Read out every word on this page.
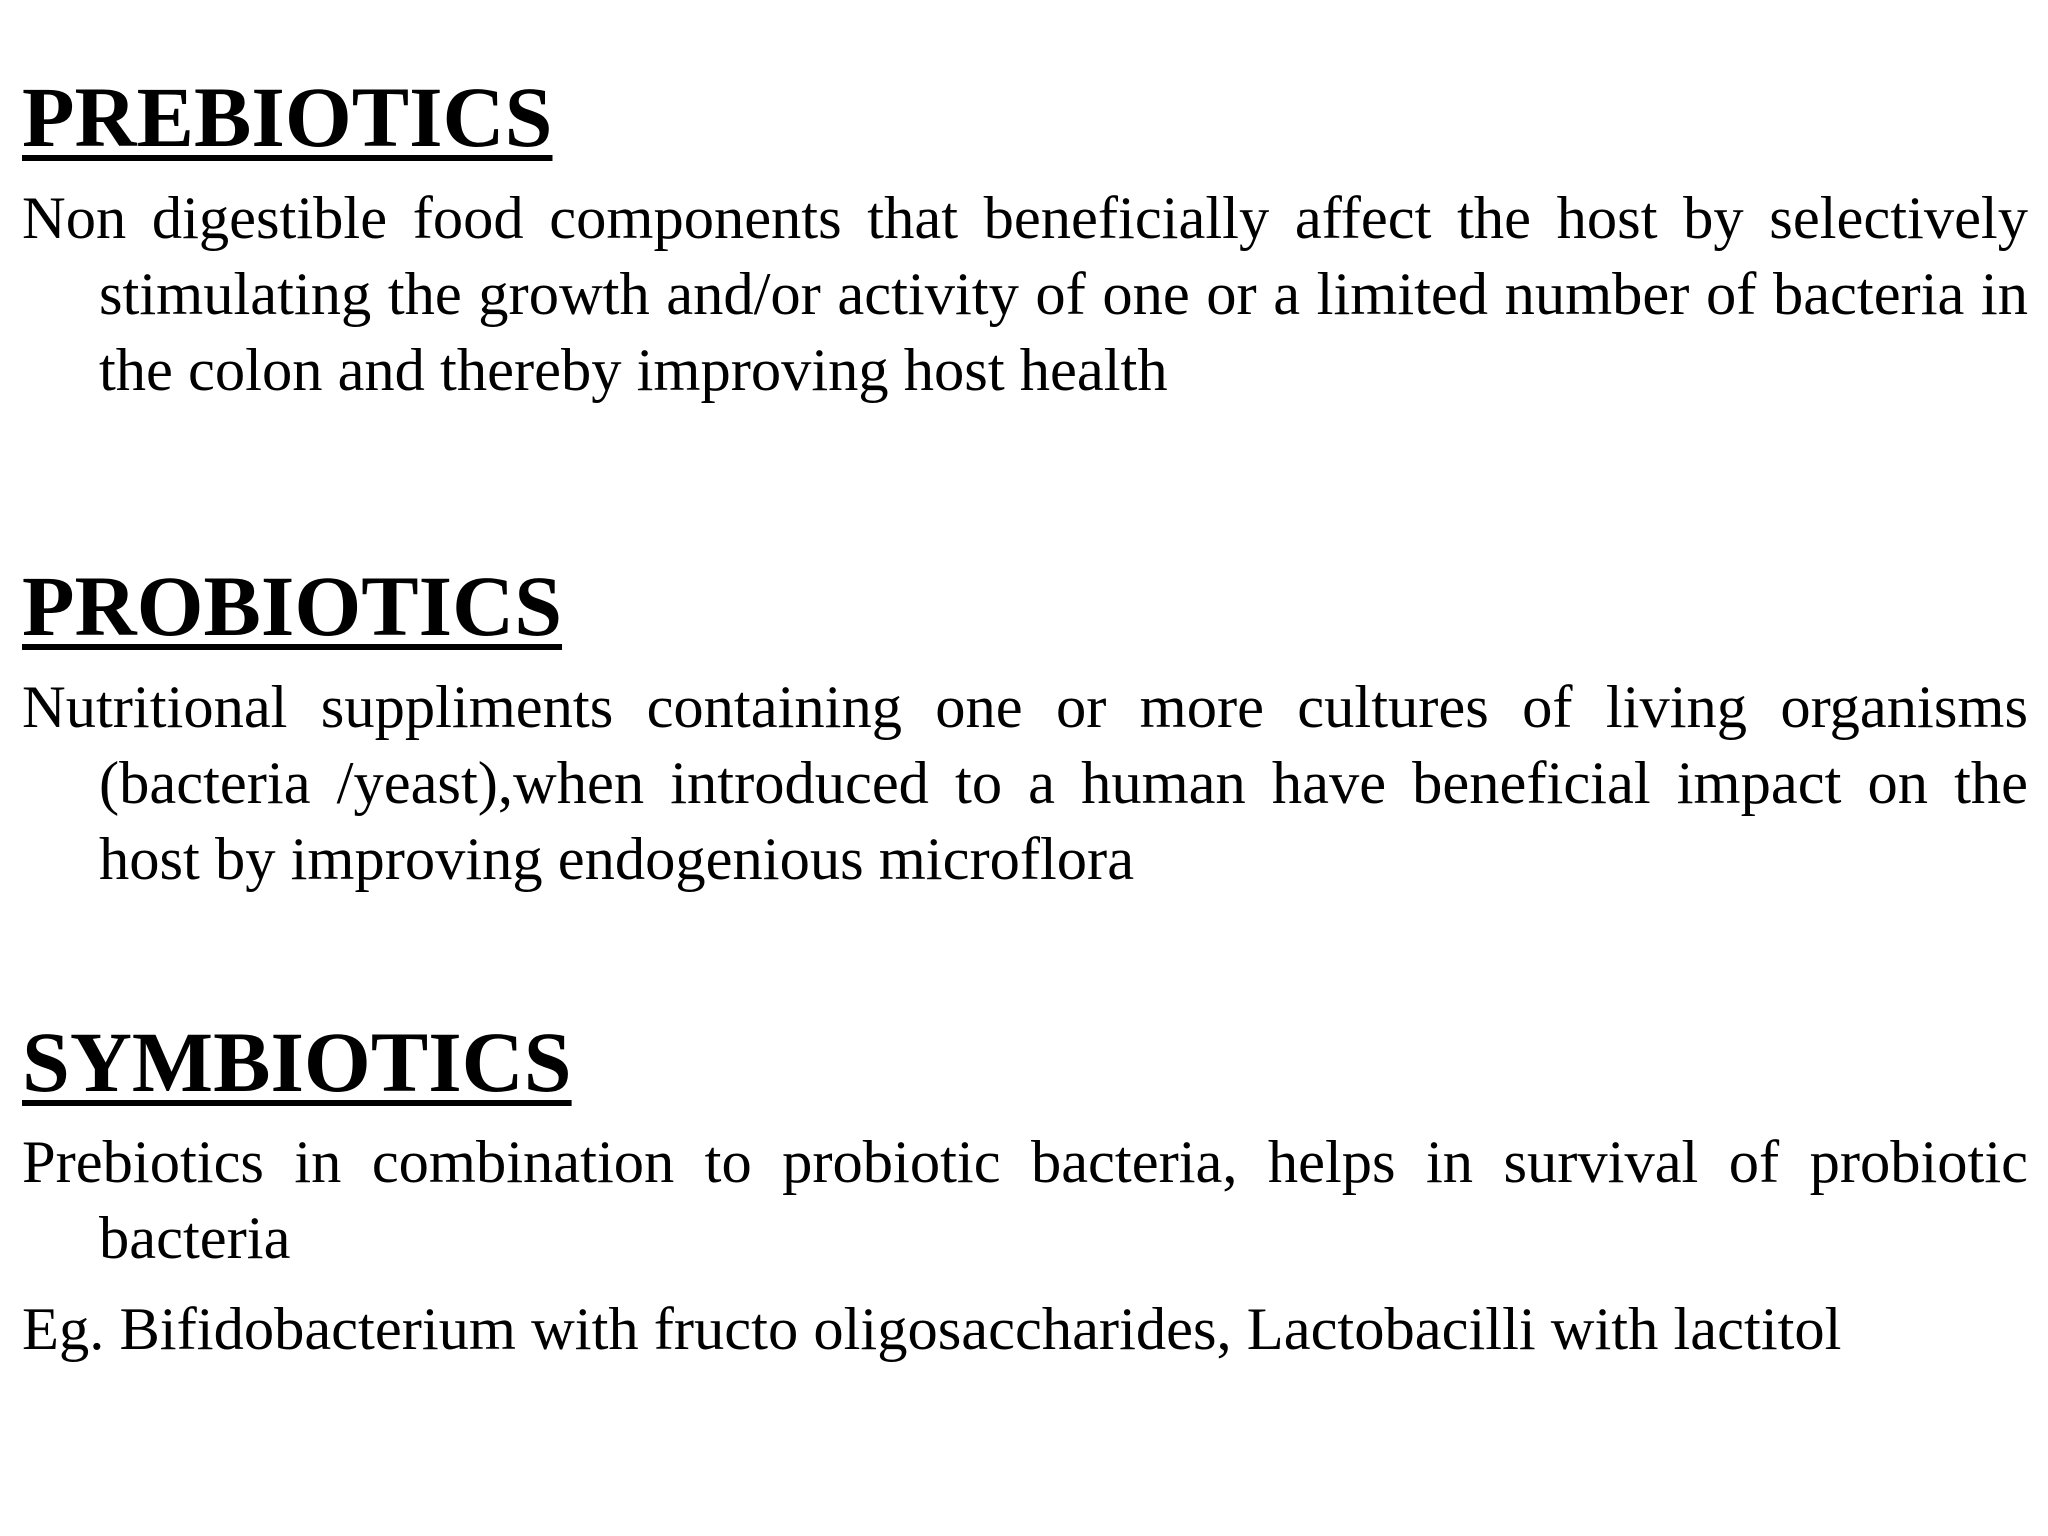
PREBIOTICS

Non digestible food components that beneficially affect the host by selectively stimulating the growth and/or activity of one or a limited number of bacteria in the colon and thereby improving host health

PROBIOTICS

Nutritional suppliments containing one or more cultures of living organisms (bacteria /yeast),when introduced to a human have beneficial impact on the host by improving endogenious microflora

SYMBIOTICS

Prebiotics in combination to probiotic bacteria, helps in survival of probiotic bacteria

Eg. Bifidobacterium with fructo oligosaccharides, Lactobacilli with lactitol
